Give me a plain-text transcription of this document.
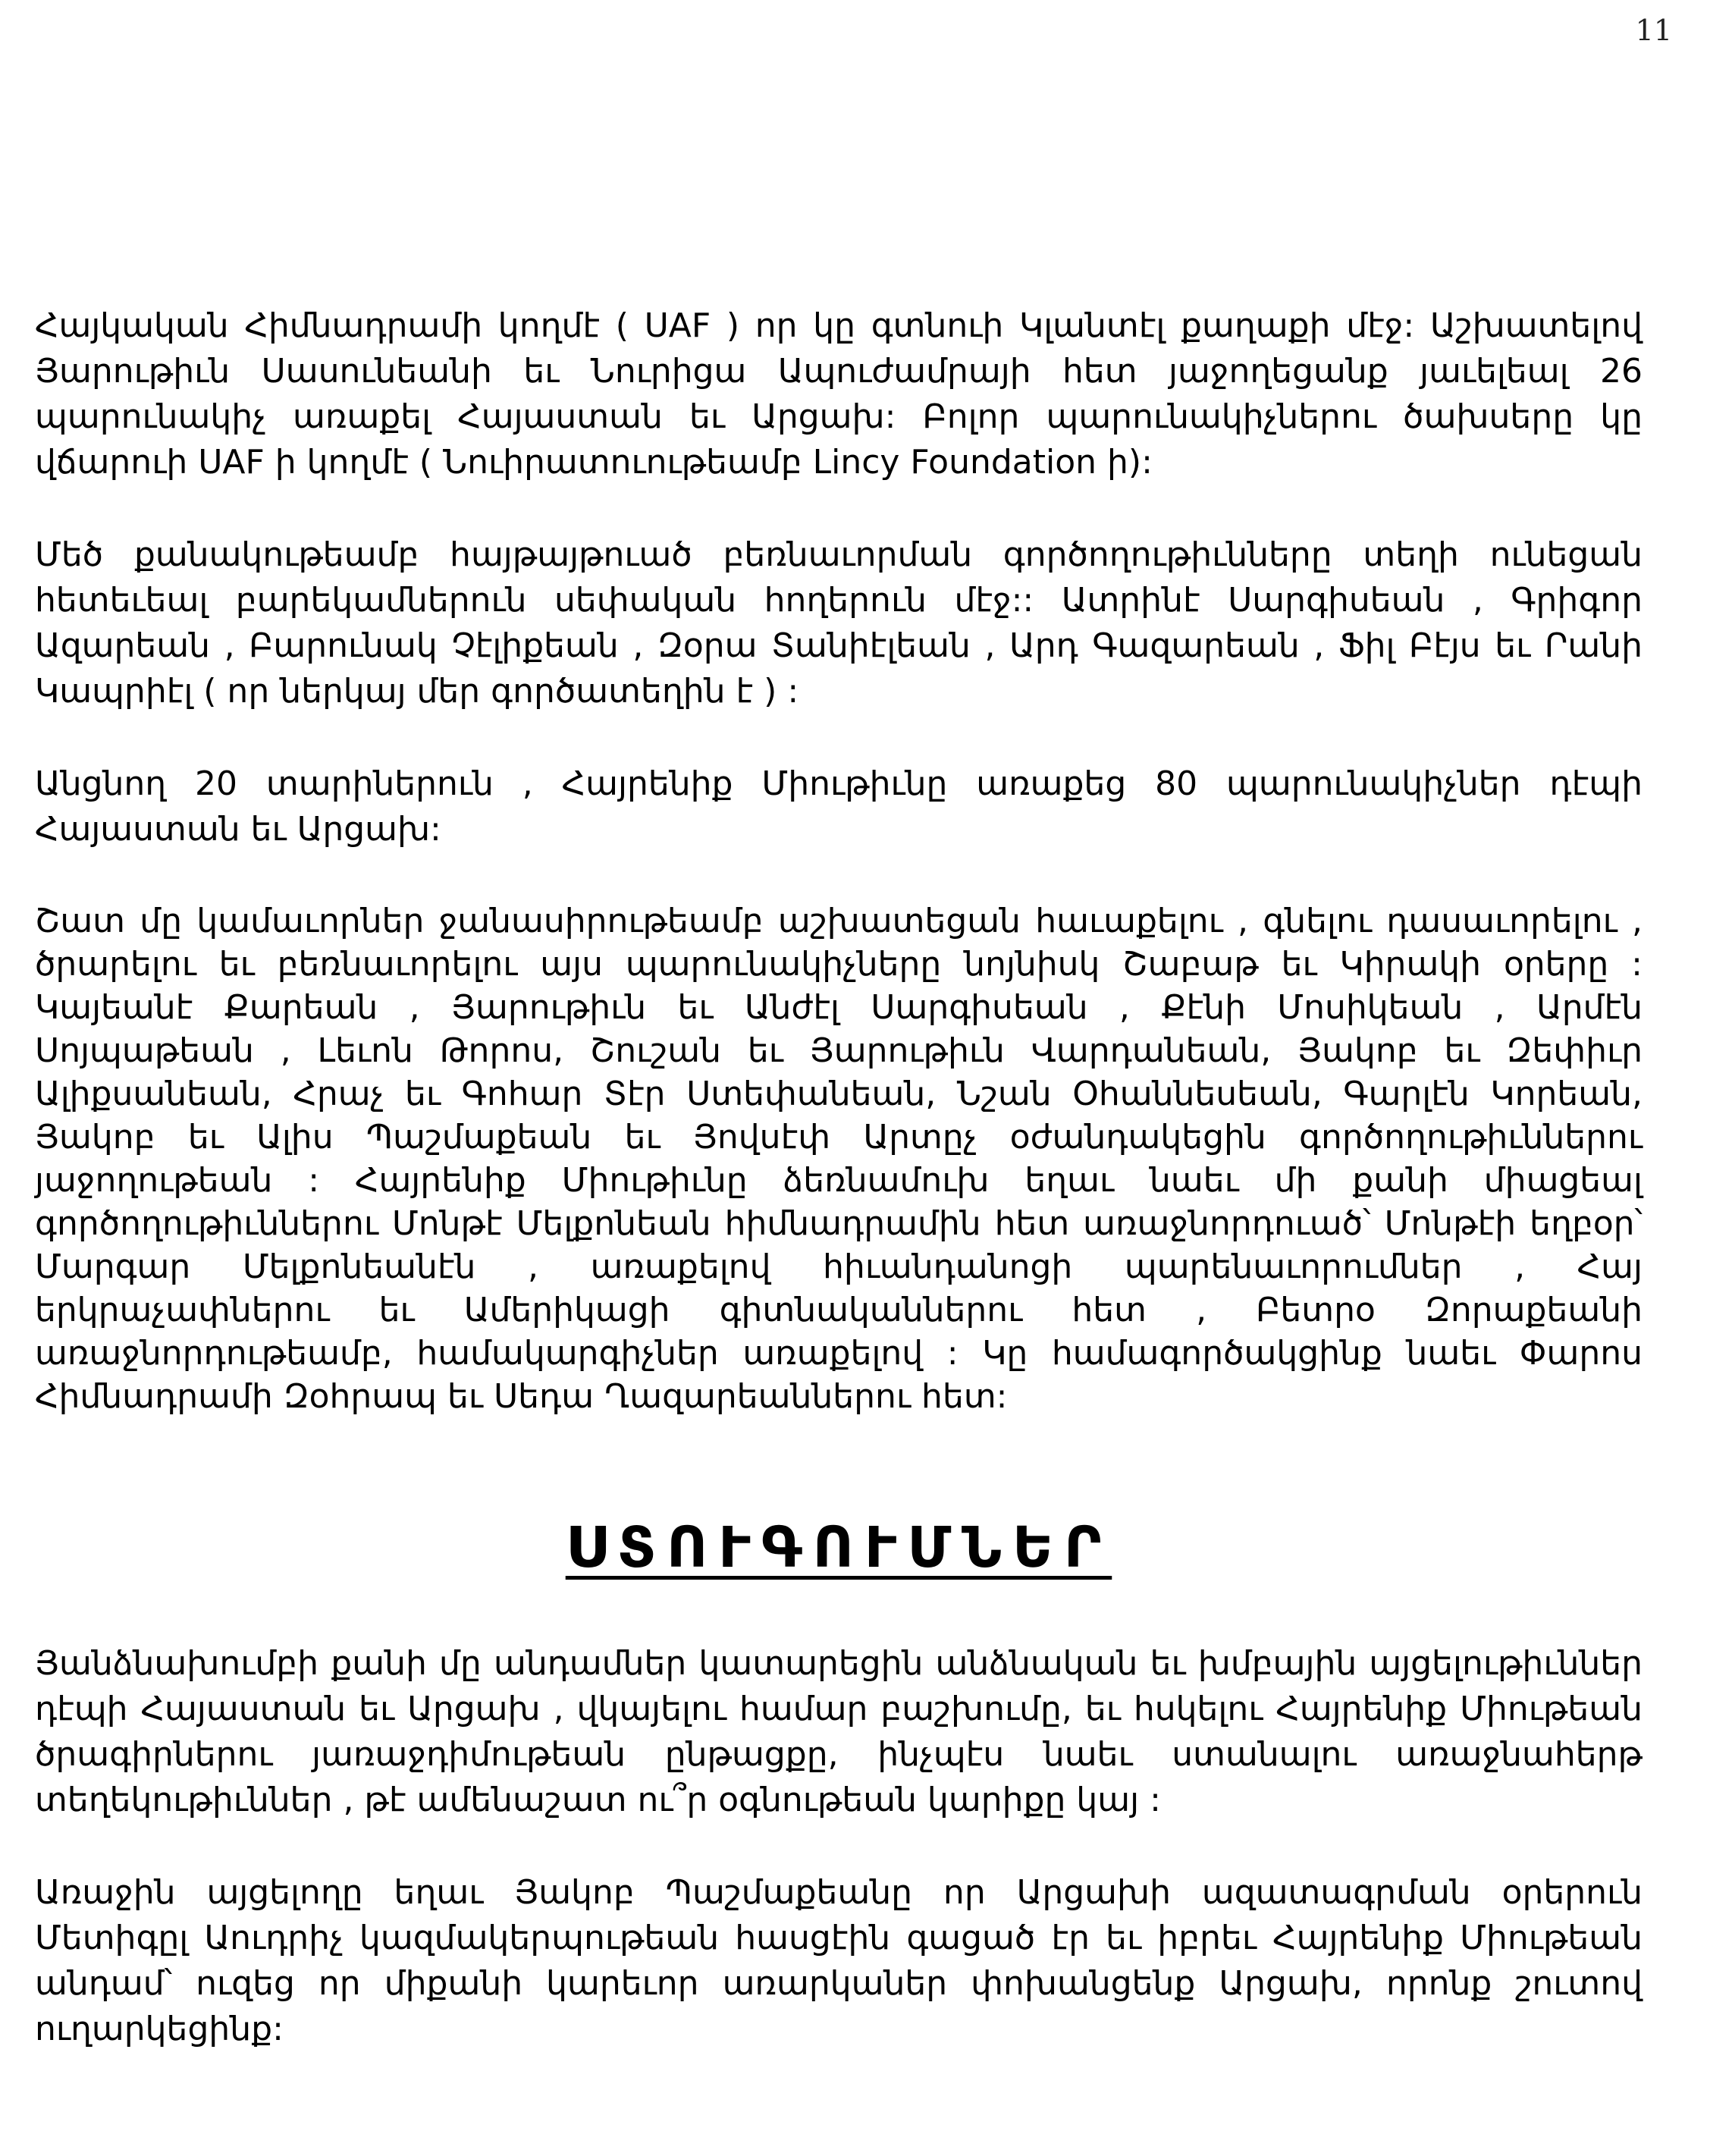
11

Հայկական Հիմնադրամի կողմէ ( UAF ) որ կը գտնուի Կլանտէլ քաղաքի մէջ: Աշխատելով Յարութիւն Սասունեանի եւ Նուրիցա Ապուժամրայի հետ յաջողեցանք յաւելեալ 26 պարունակիչ առաքել Հայաստան եւ Արցախ: Բոլոր պարունակիչներու ծախսերը կը վճարուի UAF ի կողմէ ( Նուիրատուութեամբ Lincy Foundation ի):

Մեծ քանակութեամբ հայթայթուած բեռնաւորման գործողութիւնները տեղի ունեցան հետեւեալ բարեկամներուն սեփական հողերուն մէջ:: Ատրինէ Սարգիսեան , Գրիգոր Ազարեան , Բարունակ Չէլիքեան , Զօրա Տանիէլեան , Արդ Գազարեան , Ֆիլ Բէյս եւ Րանի Կապրիէլ ( որ ներկայ մեր գործատեղին է ) :

Անցնող 20 տարիներուն , Հայրենիք Միութիւնը առաքեց 80 պարունակիչներ դէպի Հայաստան եւ Արցախ:

Շատ մը կամաւորներ ջանասիրութեամբ աշխատեցան հաւաքելու , գնելու դասաւորելու , ծրարելու եւ բեռնաւորելու այս պարունակիչները նոյնիսկ Շաբաթ եւ Կիրակի օրերը : Կայեանէ Քարեան , Յարութիւն եւ Անժէլ Սարգիսեան , Քէնի Մոսիկեան , Արմէն Սոյպաթեան , Լեւոն Թորոս, Շուշան եւ Յարութիւն Վարդանեան, Յակոբ եւ Զեփիւր Ալիքսանեան, Հրաչ եւ Գոհար Տէր Ստեփանեան, Նշան Օհաննեսեան, Գարլէն Կորեան, Յակոբ եւ Ալիս Պաշմաքեան եւ Յովսէփ Արտըչ օժանդակեցին գործողութիւններու յաջողութեան : Հայրենիք Միութիւնը ձեռնամուխ եղաւ նաեւ մի քանի միացեալ գործողութիւններու Մոնթէ Մելքոնեան հիմնադրամին հետ առաջնորդուած՝ Մոնթէի եղբօր՝ Մարգար Մելքոնեանէն , առաքելով հիւանդանոցի պարենաւորումներ , Հայ երկրաչափներու եւ Ամերիկացի գիտնականներու հետ , Բետրօ Զորաքեանի առաջնորդութեամբ, համակարգիչներ առաքելով : Կը համագործակցինք նաեւ Փարոս Հիմնադրամի Զօհրապ եւ Սեդա Ղազարեաններու հետ:

ՍՏՈՒԳՈՒՄՆԵՐ

Յանձնախումբի քանի մը անդամներ կատարեցին անձնական եւ խմբային այցելութիւններ դէպի Հայաստան եւ Արցախ , վկայելու համար բաշխումը, եւ հսկելու Հայրենիք Միութեան ծրագիրներու յառաջդիմութեան ընթացքը, ինչպէս նաեւ ստանալու առաջնահերթ տեղեկութիւններ , թէ ամենաշատ ու՞ր օգնութեան կարիքը կայ :

Առաջին այցելողը եղաւ Յակոբ Պաշմաքեանը որ Արցախի ազատագրման օրերուն Մետիգըլ Աուդրիչ կազմակերպութեան հասցէին գացած էր եւ իբրեւ Հայրենիք Միութեան անդամ՝ ուզեց որ միքանի կարեւոր առարկաներ փոխանցենք Արցախ, որոնք շուտով ուղարկեցինք:
